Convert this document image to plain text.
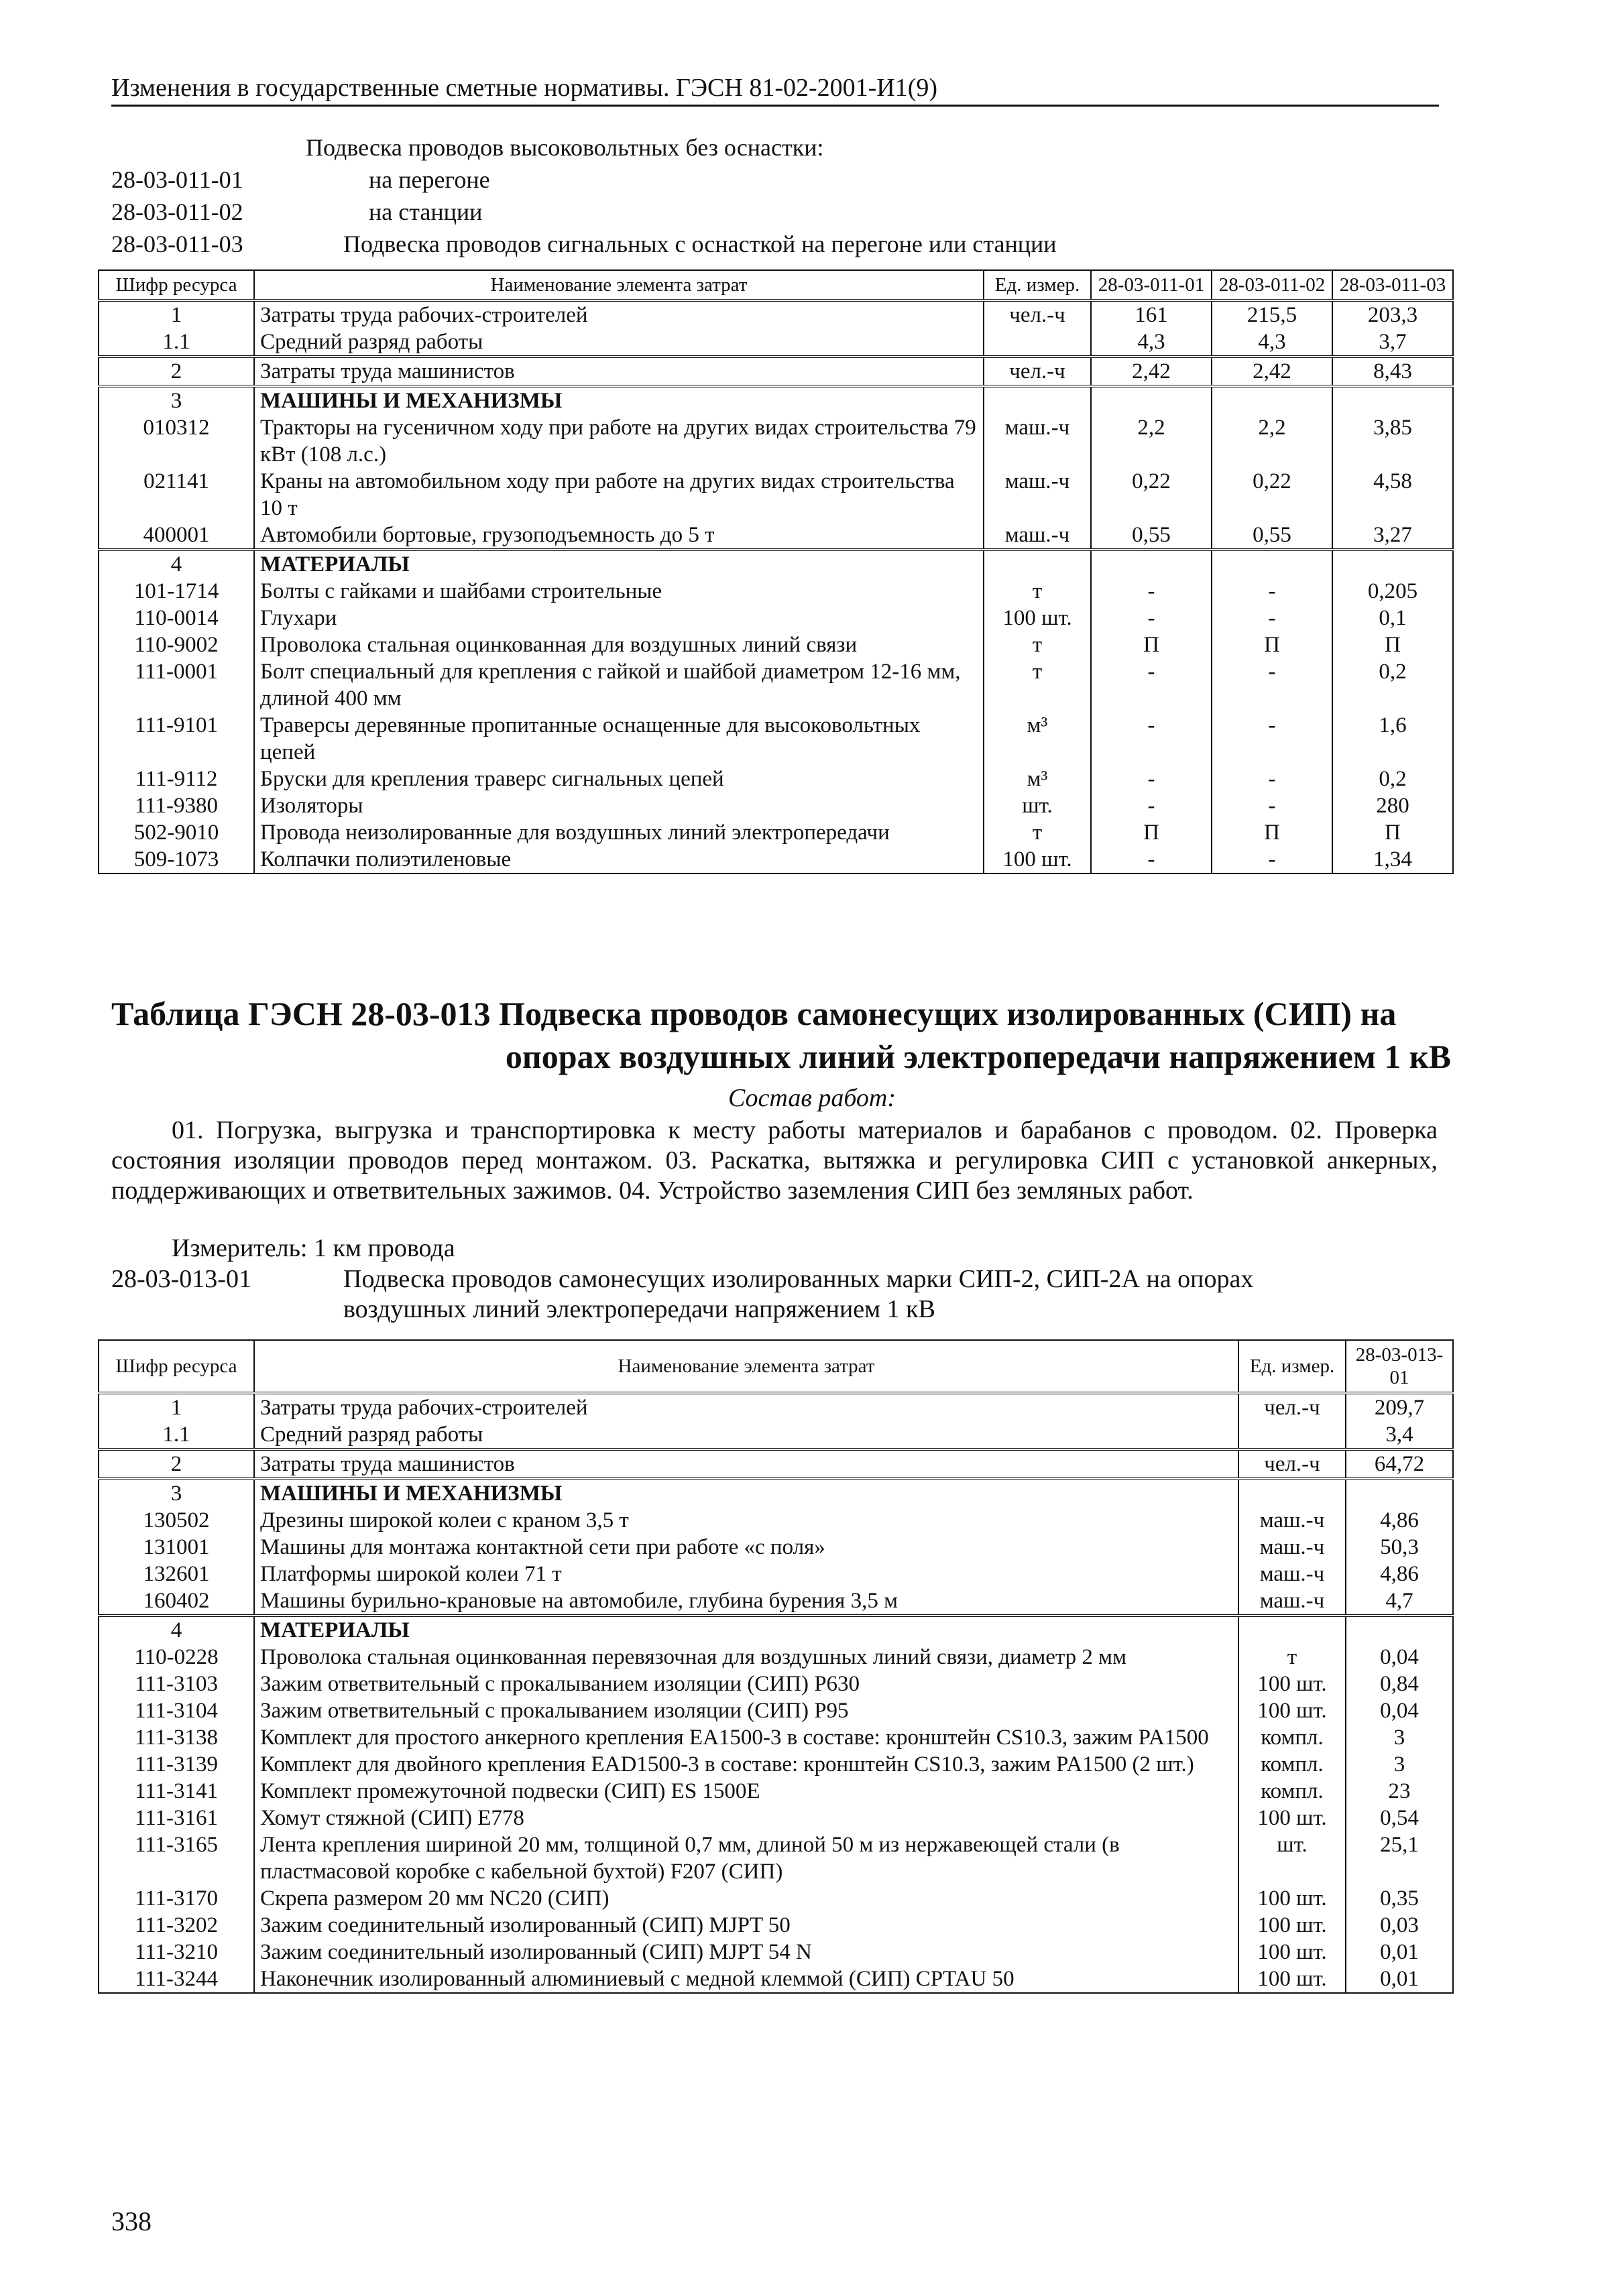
Изменения в государственные сметные нормативы. ГЭСН 81-02-2001-И1(9)
Подвеска проводов высоковольтных без оснастки:
28-03-011-01	на перегоне
28-03-011-02	на станции
28-03-011-03	Подвеска проводов сигнальных с оснасткой на перегоне или станции
Шифр ресурса	Наименование элемента затрат	Ед. измер.	28-03-011-01	28-03-011-02	28-03-011-03
1	Затраты труда рабочих-строителей	чел.-ч	161	215,5	203,3
1.1	Средний разряд работы		4,3	4,3	3,7
2	Затраты труда машинистов	чел.-ч	2,42	2,42	8,43
3	МАШИНЫ И МЕХАНИЗМЫ				
010312	Тракторы на гусеничном ходу при работе на других видах строительства 79 кВт (108 л.с.)	маш.-ч	2,2	2,2	3,85
021141	Краны на автомобильном ходу при работе на других видах строительства 10 т	маш.-ч	0,22	0,22	4,58
400001	Автомобили бортовые, грузоподъемность до 5 т	маш.-ч	0,55	0,55	3,27
4	МАТЕРИАЛЫ				
101-1714	Болты с гайками и шайбами строительные	т	-	-	0,205
110-0014	Глухари	100 шт.	-	-	0,1
110-9002	Проволока стальная оцинкованная для воздушных линий связи	т	П	П	П
111-0001	Болт специальный для крепления с гайкой и шайбой диаметром 12-16 мм, длиной 400 мм	т	-	-	0,2
111-9101	Траверсы деревянные пропитанные оснащенные для высоковольтных цепей	м³	-	-	1,6
111-9112	Бруски для крепления траверс сигнальных цепей	м³	-	-	0,2
111-9380	Изоляторы	шт.	-	-	280
502-9010	Провода неизолированные для воздушных линий электропередачи	т	П	П	П
509-1073	Колпачки полиэтиленовые	100 шт.	-	-	1,34
Таблица ГЭСН 28-03-013 Подвеска проводов самонесущих изолированных (СИП) на
опорах воздушных линий электропередачи напряжением 1 кВ
Состав работ:
01. Погрузка, выгрузка и транспортировка к месту работы материалов и барабанов с проводом. 02. Проверка состояния изоляции проводов перед монтажом. 03. Раскатка, вытяжка и регулировка СИП с установкой анкерных, поддерживающих и ответвительных зажимов. 04. Устройство заземления СИП без земляных работ.
Измеритель: 1 км провода
28-03-013-01	Подвеска проводов самонесущих изолированных марки СИП-2, СИП-2А на опорах воздушных линий электропередачи напряжением 1 кВ
Шифр ресурса	Наименование элемента затрат	Ед. измер.	28-03-013-01
1	Затраты труда рабочих-строителей	чел.-ч	209,7
1.1	Средний разряд работы		3,4
2	Затраты труда машинистов	чел.-ч	64,72
3	МАШИНЫ И МЕХАНИЗМЫ		
130502	Дрезины широкой колеи с краном 3,5 т	маш.-ч	4,86
131001	Машины для монтажа контактной сети при работе «с поля»	маш.-ч	50,3
132601	Платформы широкой колеи 71 т	маш.-ч	4,86
160402	Машины бурильно-крановые на автомобиле, глубина бурения 3,5 м	маш.-ч	4,7
4	МАТЕРИАЛЫ		
110-0228	Проволока стальная оцинкованная перевязочная для воздушных линий связи, диаметр 2 мм	т	0,04
111-3103	Зажим ответвительный с прокалыванием изоляции (СИП) P630	100 шт.	0,84
111-3104	Зажим ответвительный с прокалыванием изоляции (СИП) P95	100 шт.	0,04
111-3138	Комплект для простого анкерного крепления EA1500-3 в составе: кронштейн CS10.3, зажим PA1500	компл.	3
111-3139	Комплект для двойного крепления EAD1500-3 в составе: кронштейн CS10.3, зажим PA1500 (2 шт.)	компл.	3
111-3141	Комплект промежуточной подвески (СИП) ES 1500E	компл.	23
111-3161	Хомут стяжной (СИП) E778	100 шт.	0,54
111-3165	Лента крепления шириной 20 мм, толщиной 0,7 мм, длиной 50 м из нержавеющей стали (в пластмасовой коробке с кабельной бухтой) F207 (СИП)	шт.	25,1
111-3170	Скрепа размером 20 мм NC20 (СИП)	100 шт.	0,35
111-3202	Зажим соединительный изолированный (СИП) MJPT 50	100 шт.	0,03
111-3210	Зажим соединительный изолированный (СИП) MJPT 54 N	100 шт.	0,01
111-3244	Наконечник изолированный алюминиевый с медной клеммой (СИП) CPTAU 50	100 шт.	0,01
338
